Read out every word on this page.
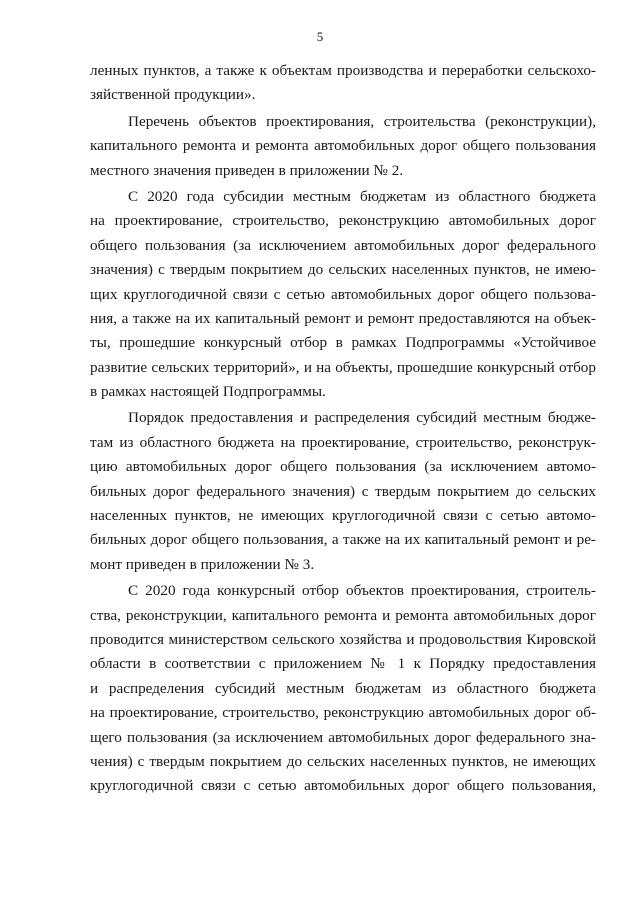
5
ленных пунктов, а также к объектам производства и переработки сельскохо-
зяйственной продукции».
Перечень объектов проектирования, строительства (реконструкции),
капитального ремонта и ремонта автомобильных дорог общего пользования
местного значения приведен в приложении № 2.
С 2020 года субсидии местным бюджетам из областного бюджета
на проектирование, строительство, реконструкцию автомобильных дорог
общего пользования (за исключением автомобильных дорог федерального
значения) с твердым покрытием до сельских населенных пунктов, не имею-
щих круглогодичной связи с сетью автомобильных дорог общего пользова-
ния, а также на их капитальный ремонт и ремонт предоставляются на объек-
ты, прошедшие конкурсный отбор в рамках Подпрограммы «Устойчивое
развитие сельских территорий», и на объекты, прошедшие конкурсный отбор
в рамках настоящей Подпрограммы.
Порядок предоставления и распределения субсидий местным бюдже-
там из областного бюджета на проектирование, строительство, реконструк-
цию автомобильных дорог общего пользования (за исключением автомо-
бильных дорог федерального значения) с твердым покрытием до сельских
населенных пунктов, не имеющих круглогодичной связи с сетью автомо-
бильных дорог общего пользования, а также на их капитальный ремонт и ре-
монт приведен в приложении № 3.
С 2020 года конкурсный отбор объектов проектирования, строитель-
ства, реконструкции, капитального ремонта и ремонта автомобильных дорог
проводится министерством сельского хозяйства и продовольствия Кировской
области в соответствии с приложением № 1 к Порядку предоставления
и распределения субсидий местным бюджетам из областного бюджета
на проектирование, строительство, реконструкцию автомобильных дорог об-
щего пользования (за исключением автомобильных дорог федерального зна-
чения) с твердым покрытием до сельских населенных пунктов, не имеющих
круглогодичной связи с сетью автомобильных дорог общего пользования,
